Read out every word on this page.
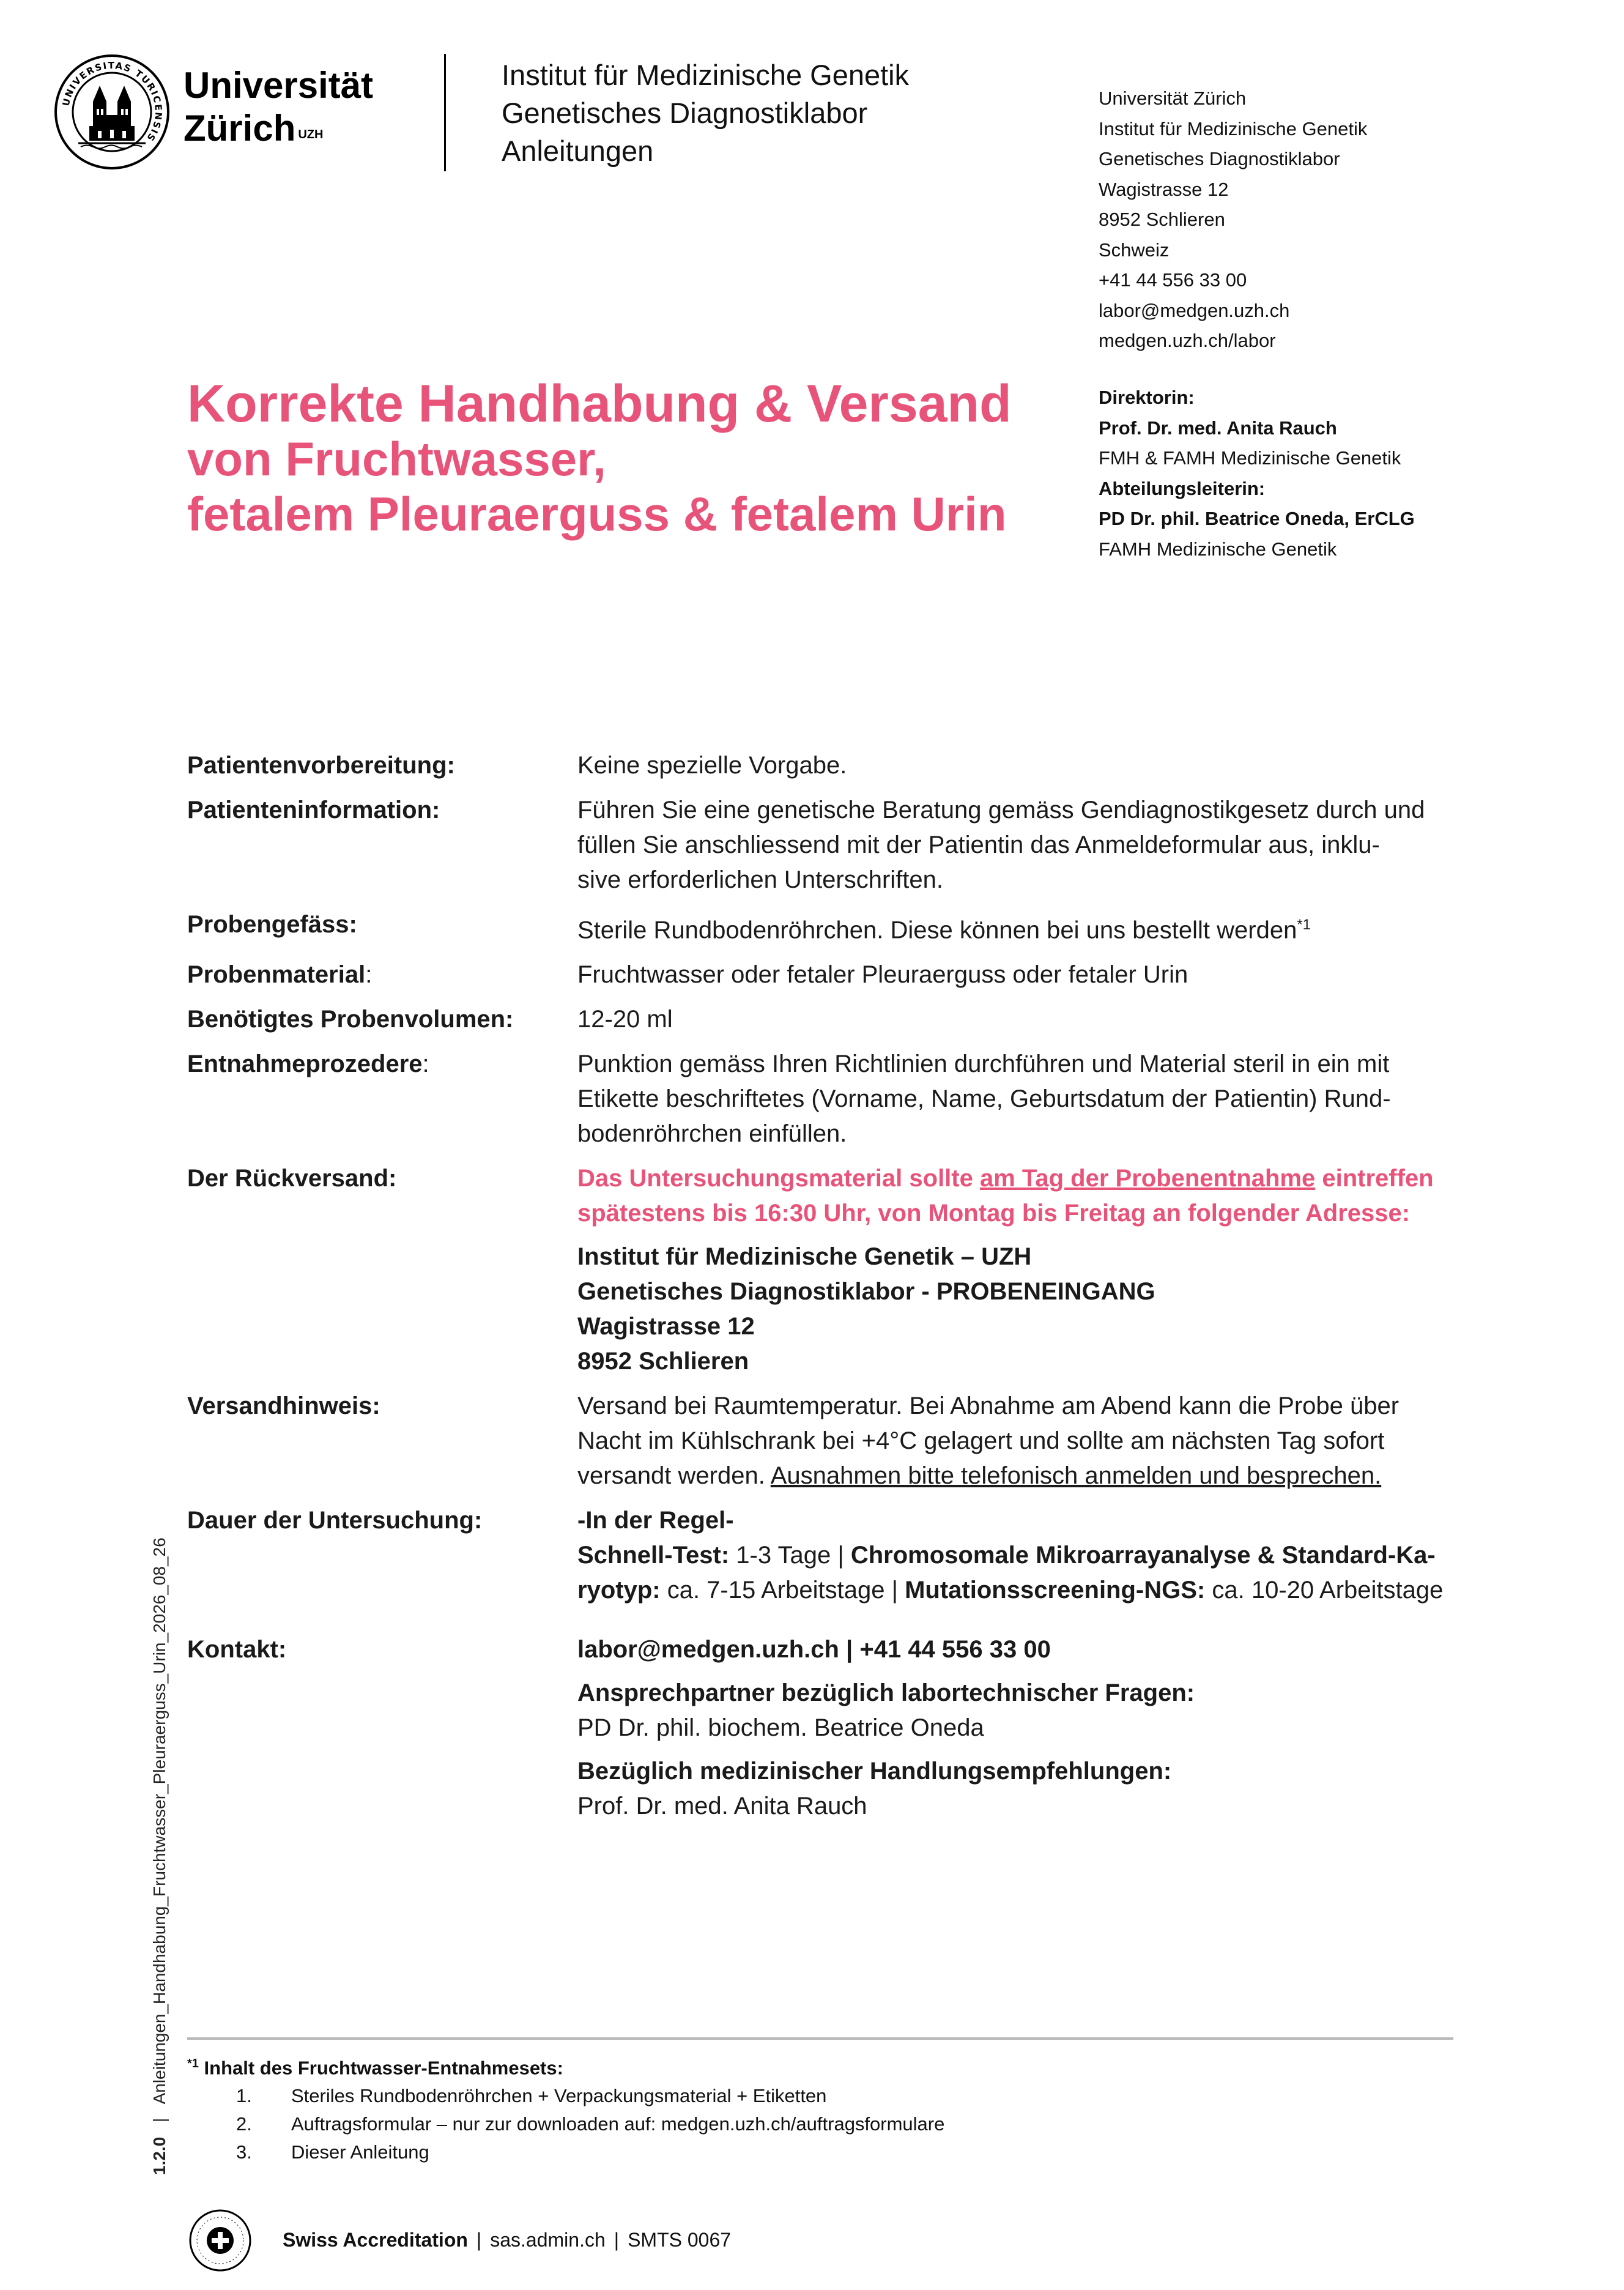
UNIVERSITAS TURICENSIS
Universität
Zürich $^{UZH}$
Institut für Medizinische Genetik
Genetisches Diagnostiklabor
Anleitungen
Universität Zürich
Institut für Medizinische Genetik
Genetisches Diagnostiklabor
Wagistrasse 12
8952 Schlieren
Schweiz
+41 44 556 33 00
labor@medgen.uzh.ch
medgen.uzh.ch/labor
Direktorin:
Prof. Dr. med. Anita Rauch
FMH & FAMH Medizinische Genetik
Abteilungsleiterin:
PD Dr. phil. Beatrice Oneda, ErCLG
FAMH Medizinische Genetik
Korrekte Handhabung & Versand
von Fruchtwasser,
fetalem Pleuraerguss & fetalem Urin
Patientenvorbereitung:	Keine spezielle Vorgabe.
Patienteninformation:	Führen Sie eine genetische Beratung gemäss Gendiagnostikgesetz durch und
füllen Sie anschliessend mit der Patientin das Anmeldeformular aus, inklu-
sive erforderlichen Unterschriften.
Probengefäss:	Sterile Rundbodenröhrchen. Diese können bei uns bestellt werden$^{*1}$
Probenmaterial:	Fruchtwasser oder fetaler Pleuraerguss oder fetaler Urin
Benötigtes Probenvolumen:	12-20 ml
Entnahmeprozedere:	Punktion gemäss Ihren Richtlinien durchführen und Material steril in ein mit
Etikette beschriftetes (Vorname, Name, Geburtsdatum der Patientin) Rund-
bodenröhrchen einfüllen.
Der Rückversand:	Das Untersuchungsmaterial sollte am Tag der Probenentnahme eintreffen
spätestens bis 16:30 Uhr, von Montag bis Freitag an folgender Adresse:
Institut für Medizinische Genetik – UZH
Genetisches Diagnostiklabor - PROBENEINGANG
Wagistrasse 12
8952 Schlieren
Versandhinweis:	Versand bei Raumtemperatur. Bei Abnahme am Abend kann die Probe über
Nacht im Kühlschrank bei +4°C gelagert und sollte am nächsten Tag sofort
versandt werden. Ausnahmen bitte telefonisch anmelden und besprechen.
Dauer der Untersuchung:	-In der Regel-
Schnell-Test: 1-3 Tage | Chromosomale Mikroarrayanalyse & Standard-Ka-
ryotyp: ca. 7-15 Arbeitstage | Mutationsscreening-NGS: ca. 10-20 Arbeitstage
Kontakt:	labor@medgen.uzh.ch | +41 44 556 33 00
Ansprechpartner bezüglich labortechnischer Fragen:
PD Dr. phil. biochem. Beatrice Oneda
Bezüglich medizinischer Handlungsempfehlungen:
Prof. Dr. med. Anita Rauch
1.2.0 | Anleitungen_Handhabung_Fruchtwasser_Pleuraerguss_Urin_2026_08_26 $^{*1}$ Inhalt des Fruchtwasser-Entnahmesets:
1.	Steriles Rundbodenröhrchen + Verpackungsmaterial + Etiketten
2.	Auftragsformular – nur zur downloaden auf: medgen.uzh.ch/auftragsformulare
3.	Dieser Anleitung
Swiss Accreditation | sas.admin.ch | SMTS 0067
